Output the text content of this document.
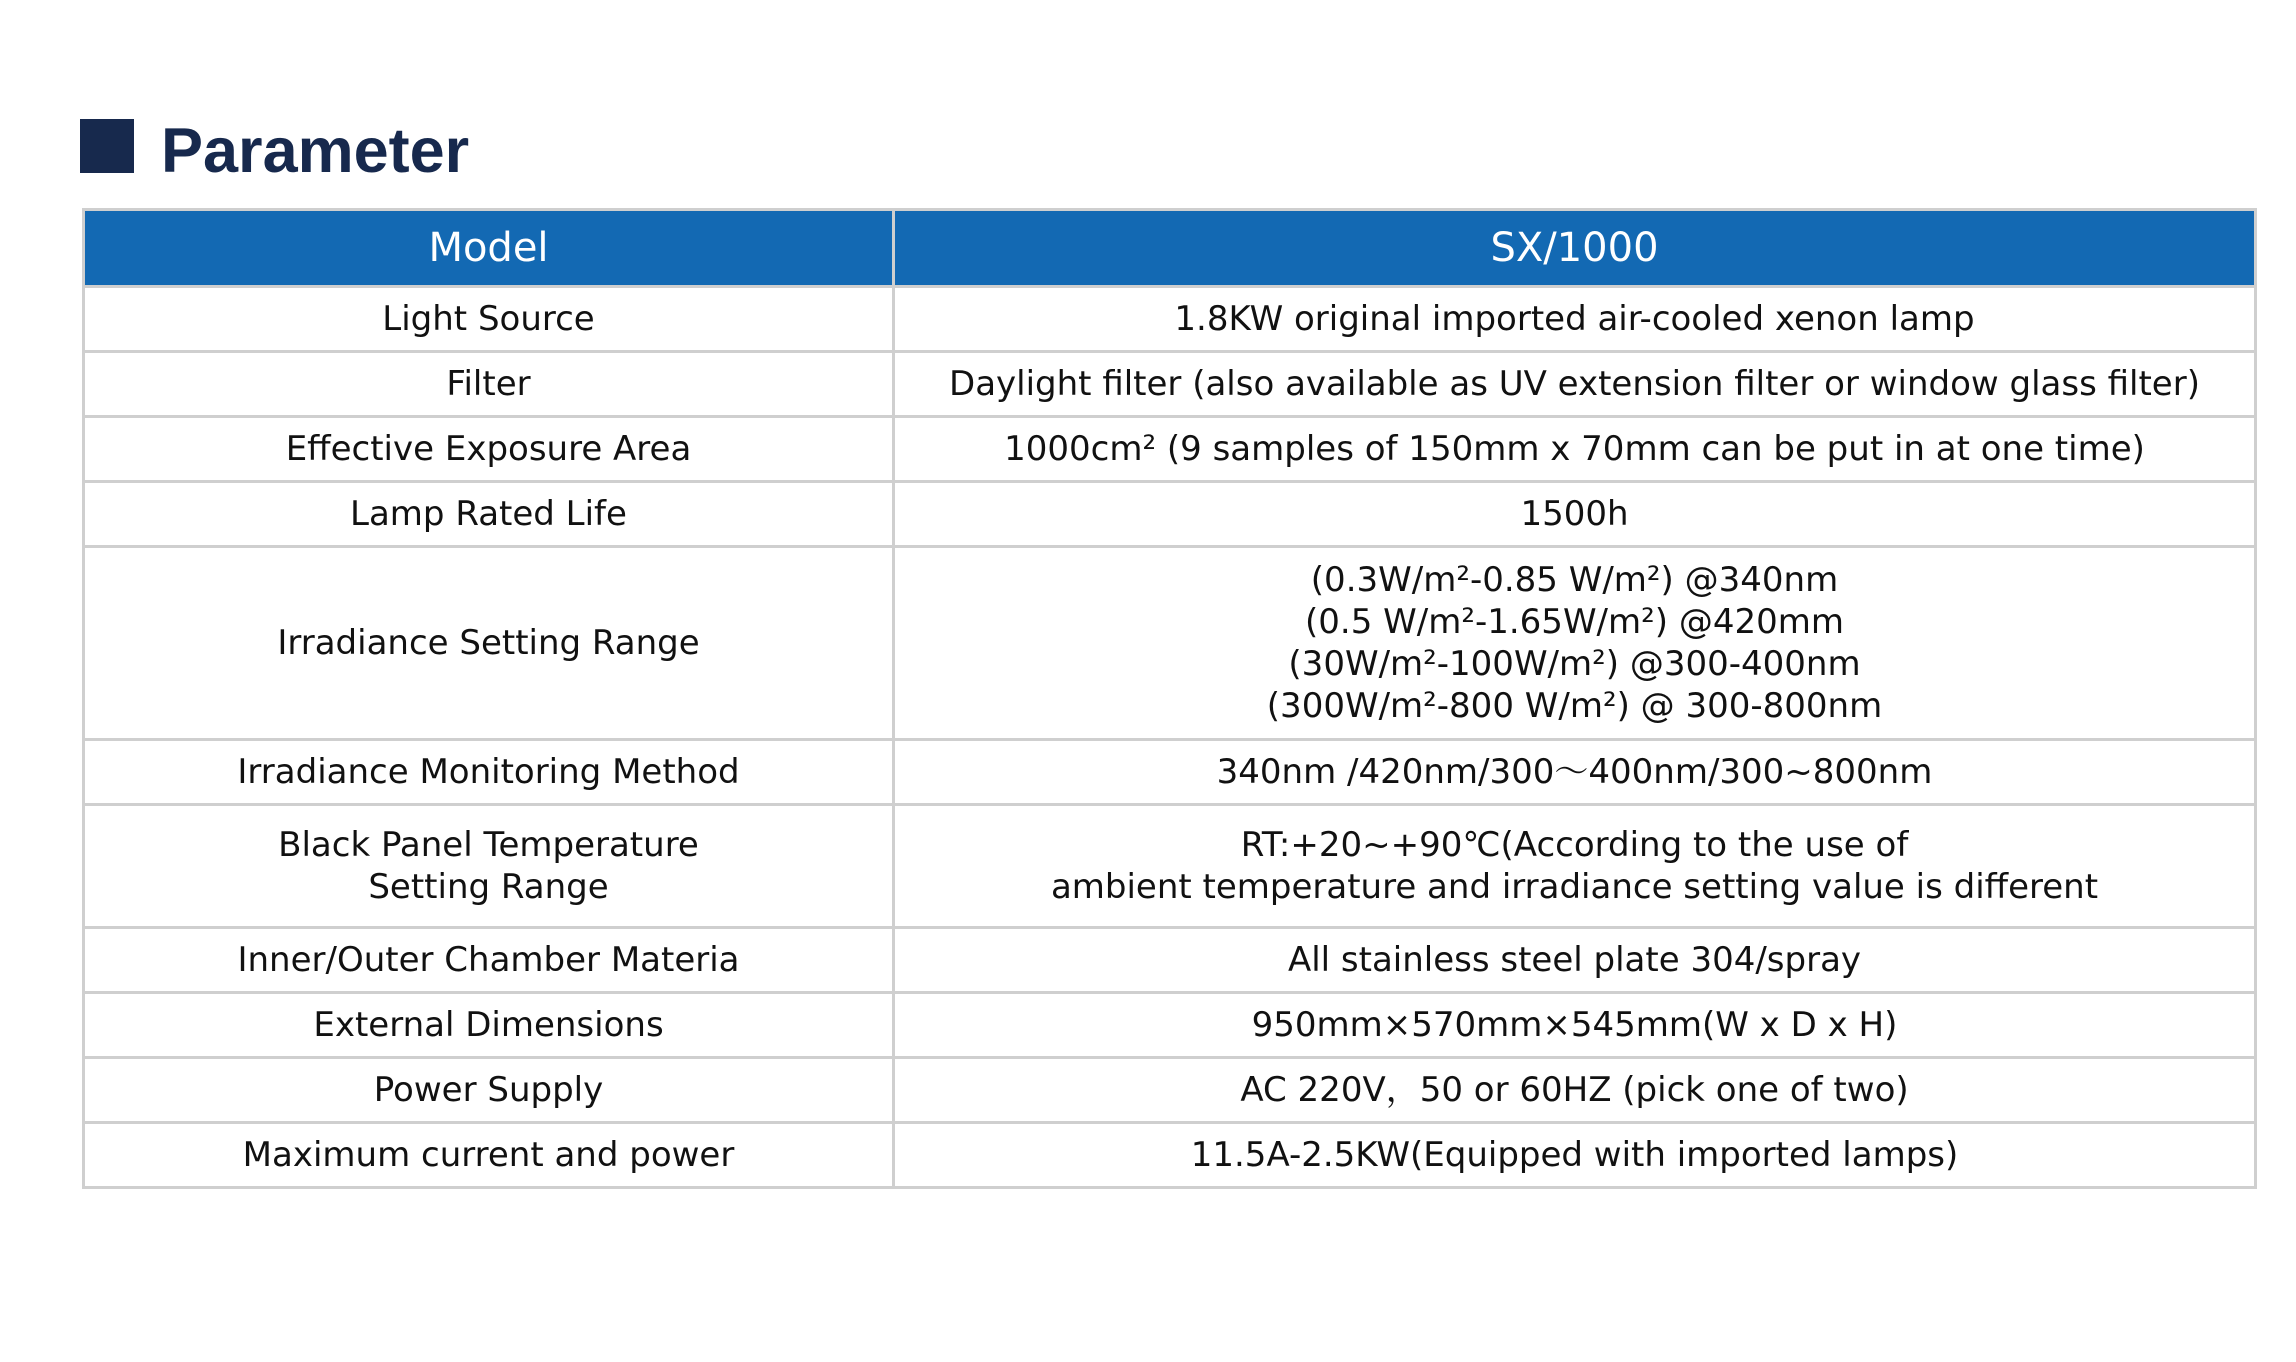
Parameter
Model	SX/1000
Light Source	1.8KW original imported air-cooled xenon lamp
Filter	Daylight filter (also available as UV extension filter or window glass filter)
Effective Exposure Area	1000cm² (9 samples of 150mm x 70mm can be put in at one time)
Lamp Rated Life	1500h
Irradiance Setting Range	(0.3W/m²-0.85 W/m²) @340nm
(0.5 W/m²-1.65W/m²) @420mm
(30W/m²-100W/m²) @300-400nm
(300W/m²-800 W/m²) @ 300-800nm

Irradiance Monitoring Method	340nm /420nm/300～400nm/300~800nm

Black Panel Temperature
Setting Range	RT:+20~+90℃(According to the use of
ambient temperature and irradiance setting value is different

Inner/Outer Chamber Materia	All stainless steel plate 304/spray
External Dimensions	950mm×570mm×545mm(W x D x H)
Power Supply	AC 220V，50 or 60HZ (pick one of two)
Maximum current and power	11.5A-2.5KW(Equipped with imported lamps)
